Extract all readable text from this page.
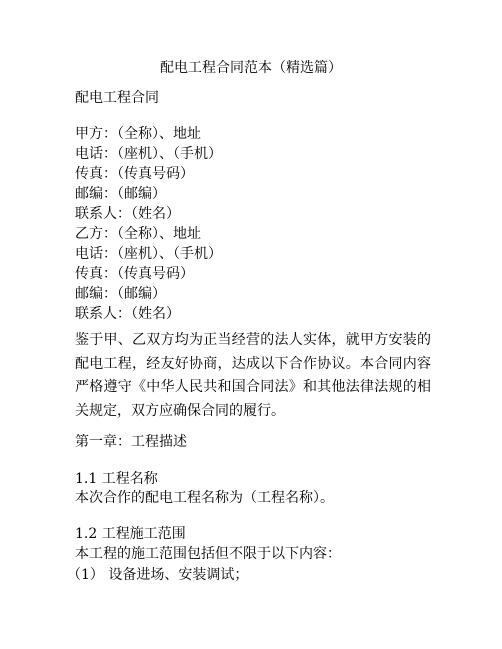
配电工程合同范本（精选篇）
配电工程合同
甲方：（全称）、地址
电话：（座机）、（手机）
传真：（传真号码）
邮编：（邮编）
联系人：（姓名）
乙方：（全称）、地址
电话：（座机）、（手机）
传真：（传真号码）
邮编：（邮编）
联系人：（姓名）
鉴于甲、乙双方均为正当经营的法人实体，就甲方安装的配电工程，经友好协商，达成以下合作协议。本合同内容严格遵守《中华人民共和国合同法》和其他法律法规的相关规定，双方应确保合同的履行。
第一章：工程描述
1.1 工程名称
本次合作的配电工程名称为（工程名称）。
1.2 工程施工范围
本工程的施工范围包括但不限于以下内容：
（1） 设备进场、安装调试；
